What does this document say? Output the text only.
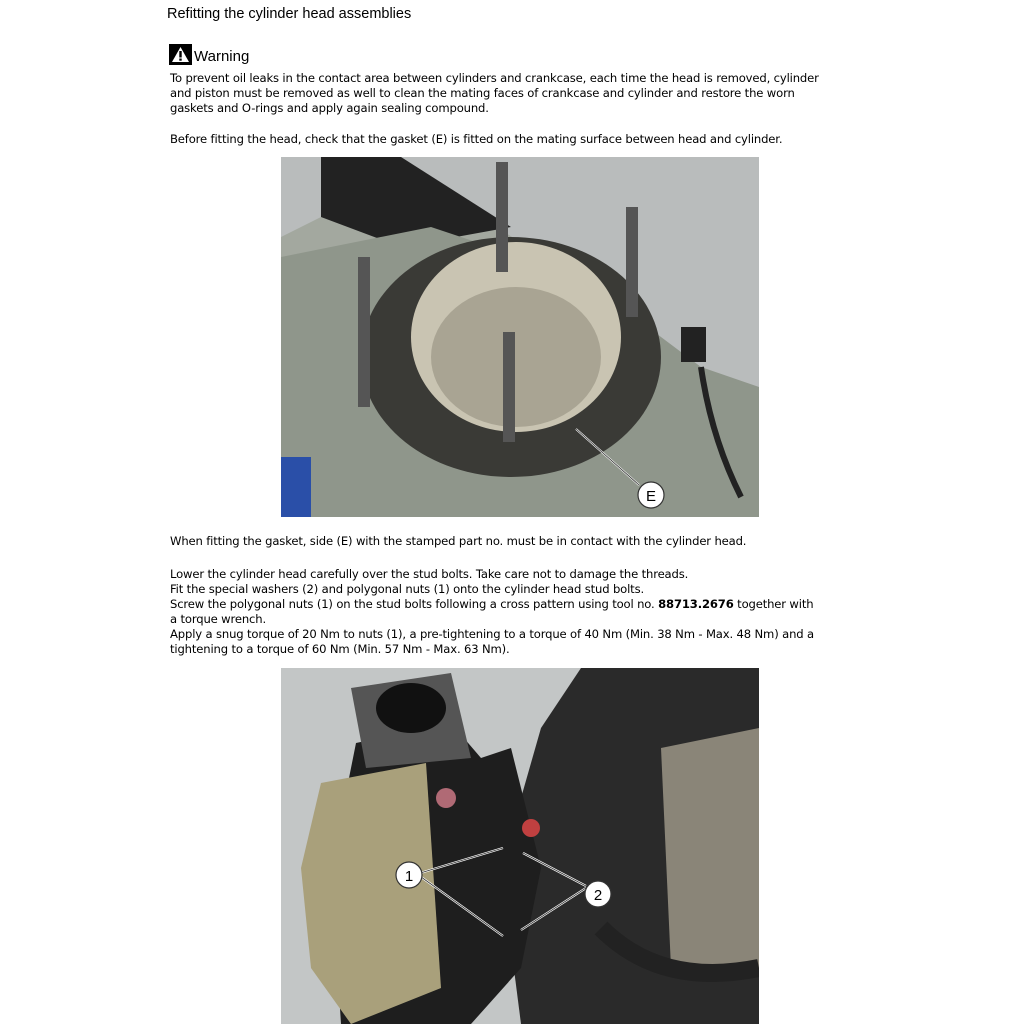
Refitting the cylinder head assemblies
Warning

To prevent oil leaks in the contact area between cylinders and crankcase, each time the head is removed, cylinder

and piston must be removed as well to clean the mating faces of crankcase and cylinder and restore the worn

gaskets and O-rings and apply again sealing compound.

Before fitting the head, check that the gasket (E) is fitted on the mating surface between head and cylinder.
E
When fitting the gasket, side (E) with the stamped part no. must be in contact with the cylinder head.

Lower the cylinder head carefully over the stud bolts. Take care not to damage the threads.

Fit the special washers (2) and polygonal nuts (1) onto the cylinder head stud bolts.

Screw the polygonal nuts (1) on the stud bolts following a cross pattern using tool no. 88713.2676 together with

a torque wrench.

Apply a snug torque of 20 Nm to nuts (1), a pre-tightening to a torque of 40 Nm (Min. 38 Nm - Max. 48 Nm) and a

tightening to a torque of 60 Nm (Min. 57 Nm - Max. 63 Nm).

1
2
